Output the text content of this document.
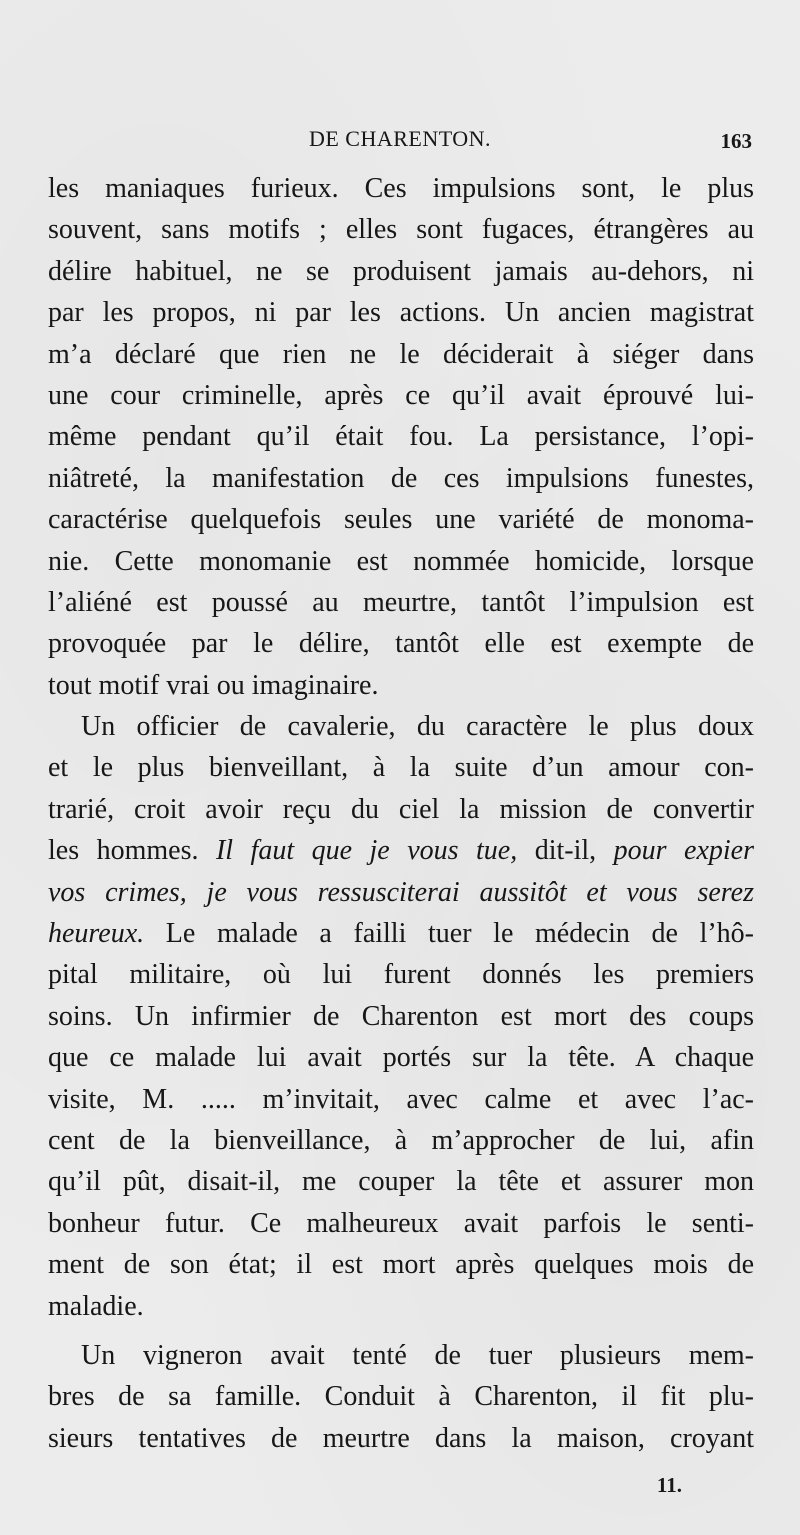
DE CHARENTON.	163
les maniaques furieux. Ces impulsions sont, le plus
souvent, sans motifs ; elles sont fugaces, étrangères au
délire habituel, ne se produisent jamais au-dehors, ni
par les propos, ni par les actions. Un ancien magistrat
m’a déclaré que rien ne le déciderait à siéger dans
une cour criminelle, après ce qu’il avait éprouvé lui-
même pendant qu’il était fou. La persistance, l’opi-
niâtreté, la manifestation de ces impulsions funestes,
caractérise quelquefois seules une variété de monoma-
nie. Cette monomanie est nommée homicide, lorsque
l’aliéné est poussé au meurtre, tantôt l’impulsion est
provoquée par le délire, tantôt elle est exempte de
tout motif vrai ou imaginaire.
Un officier de cavalerie, du caractère le plus doux
et le plus bienveillant, à la suite d’un amour con-
trarié, croit avoir reçu du ciel la mission de convertir
les hommes. Il faut que je vous tue, dit-il, pour expier
vos crimes, je vous ressusciterai aussitôt et vous serez
heureux. Le malade a failli tuer le médecin de l’hô-
pital militaire, où lui furent donnés les premiers
soins. Un infirmier de Charenton est mort des coups
que ce malade lui avait portés sur la tête. A chaque
visite, M. ..... m’invitait, avec calme et avec l’ac-
cent de la bienveillance, à m’approcher de lui, afin
qu’il pût, disait-il, me couper la tête et assurer mon
bonheur futur. Ce malheureux avait parfois le senti-
ment de son état; il est mort après quelques mois de
maladie.
Un vigneron avait tenté de tuer plusieurs mem-
bres de sa famille. Conduit à Charenton, il fit plu-
sieurs tentatives de meurtre dans la maison, croyant
11.
